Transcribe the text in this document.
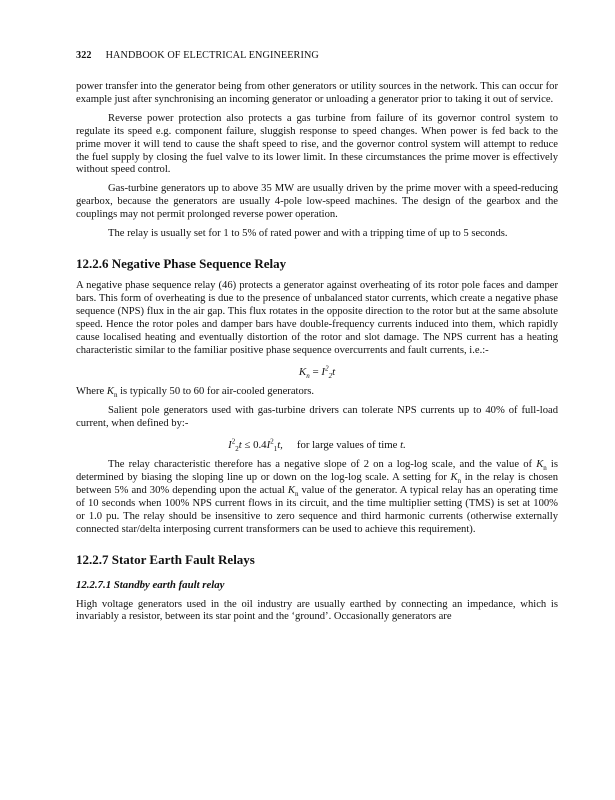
322 HANDBOOK OF ELECTRICAL ENGINEERING

power transfer into the generator being from other generators or utility sources in the network. This can occur for example just after synchronising an incoming generator or unloading a generator prior to taking it out of service.

Reverse power protection also protects a gas turbine from failure of its governor control system to regulate its speed e.g. component failure, sluggish response to speed changes. When power is fed back to the prime mover it will tend to cause the shaft speed to rise, and the governor control system will attempt to reduce the fuel supply by closing the fuel valve to its lower limit. In these circumstances the prime mover is effectively without speed control.

Gas-turbine generators up to above 35 MW are usually driven by the prime mover with a speed-reducing gearbox, because the generators are usually 4-pole low-speed machines. The design of the gearbox and the couplings may not permit prolonged reverse power operation.

The relay is usually set for 1 to 5% of rated power and with a tripping time of up to 5 seconds.

12.2.6 Negative Phase Sequence Relay

A negative phase sequence relay (46) protects a generator against overheating of its rotor pole faces and damper bars. This form of overheating is due to the presence of unbalanced stator currents, which create a negative phase sequence (NPS) flux in the air gap. This flux rotates in the opposite direction to the rotor but at the same absolute speed. Hence the rotor poles and damper bars have double-frequency currents induced into them, which rapidly cause localised heating and eventually distortion of the rotor and slot damage. The NPS current has a heating characteristic similar to the familiar positive phase sequence overcurrents and fault currents, i.e.:-

$K_n = I^2_2t$

Where $K_n$ is typically 50 to 60 for air-cooled generators.

Salient pole generators used with gas-turbine drivers can tolerate NPS currents up to 40% of full-load current, when defined by:-

$I^2_2t \le 0.4I^2_1t$, for large values of time t.

The relay characteristic therefore has a negative slope of 2 on a log-log scale, and the value of $K_n$ is determined by biasing the sloping line up or down on the log-log scale. A setting for $K_n$ in the relay is chosen between 5% and 30% depending upon the actual $K_n$ value of the generator. A typical relay has an operating time of 10 seconds when 100% NPS current flows in its circuit, and the time multiplier setting (TMS) is set at 100% or 1.0 pu. The relay should be insensitive to zero sequence and third harmonic currents (otherwise externally connected star/delta interposing current transformers can be used to achieve this requirement).

12.2.7 Stator Earth Fault Relays
12.2.7.1 Standby earth fault relay

High voltage generators used in the oil industry are usually earthed by connecting an impedance, which is invariably a resistor, between its star point and the ‘ground’. Occasionally generators are
